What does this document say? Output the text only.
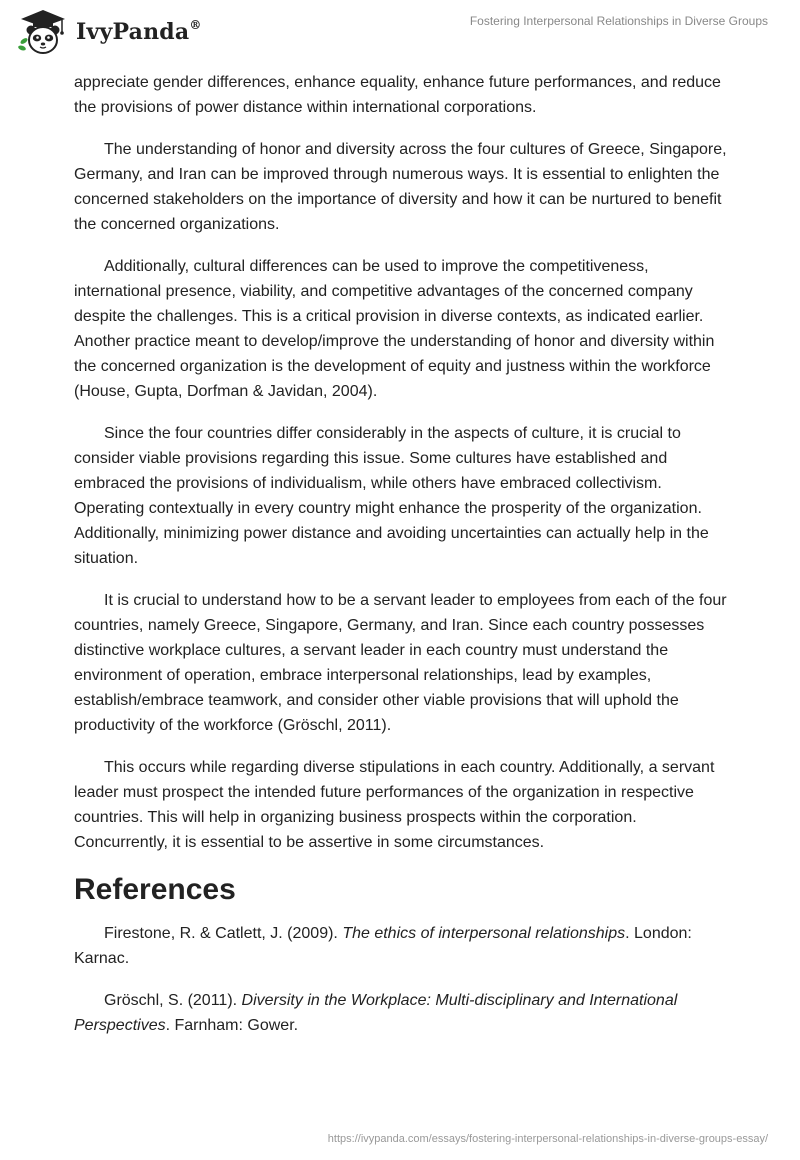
IvyPanda®	Fostering Interpersonal Relationships in Diverse Groups

appreciate gender differences, enhance equality, enhance future performances, and reduce the provisions of power distance within international corporations.

The understanding of honor and diversity across the four cultures of Greece, Singapore, Germany, and Iran can be improved through numerous ways. It is essential to enlighten the concerned stakeholders on the importance of diversity and how it can be nurtured to benefit the concerned organizations.

Additionally, cultural differences can be used to improve the competitiveness, international presence, viability, and competitive advantages of the concerned company despite the challenges. This is a critical provision in diverse contexts, as indicated earlier. Another practice meant to develop/improve the understanding of honor and diversity within the concerned organization is the development of equity and justness within the workforce (House, Gupta, Dorfman & Javidan, 2004).

Since the four countries differ considerably in the aspects of culture, it is crucial to consider viable provisions regarding this issue. Some cultures have established and embraced the provisions of individualism, while others have embraced collectivism. Operating contextually in every country might enhance the prosperity of the organization. Additionally, minimizing power distance and avoiding uncertainties can actually help in the situation.

It is crucial to understand how to be a servant leader to employees from each of the four countries, namely Greece, Singapore, Germany, and Iran. Since each country possesses distinctive workplace cultures, a servant leader in each country must understand the environment of operation, embrace interpersonal relationships, lead by examples, establish/embrace teamwork, and consider other viable provisions that will uphold the productivity of the workforce (Gröschl, 2011).

This occurs while regarding diverse stipulations in each country. Additionally, a servant leader must prospect the intended future performances of the organization in respective countries. This will help in organizing business prospects within the corporation. Concurrently, it is essential to be assertive in some circumstances.

References

Firestone, R. & Catlett, J. (2009). The ethics of interpersonal relationships. London: Karnac.

Gröschl, S. (2011). Diversity in the Workplace: Multi-disciplinary and International Perspectives. Farnham: Gower.

https://ivypanda.com/essays/fostering-interpersonal-relationships-in-diverse-groups-essay/
